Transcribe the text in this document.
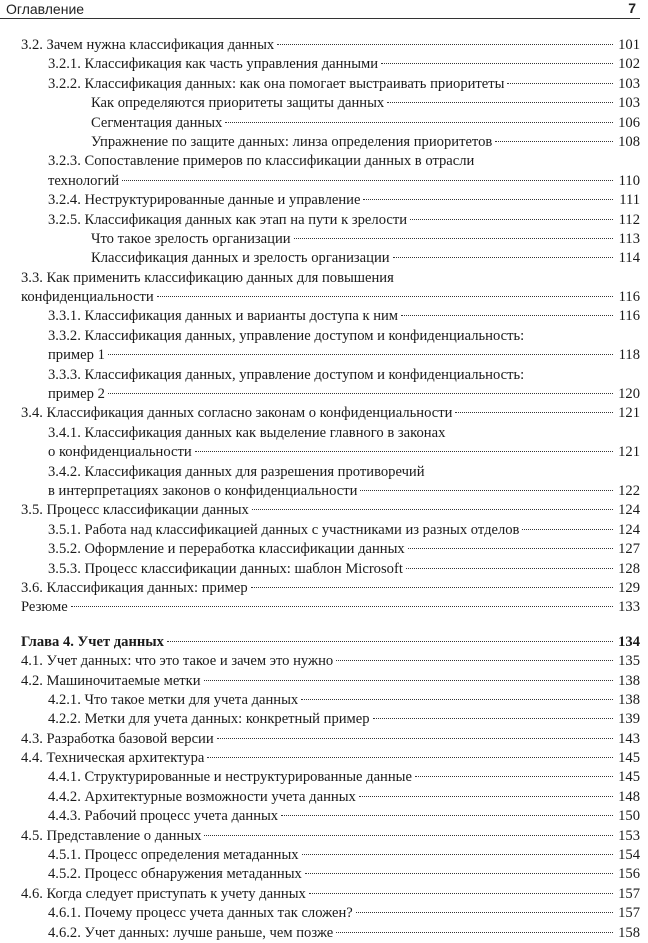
Оглавление	7
3.2. Зачем нужна классификация данных	101
3.2.1. Классификация как часть управления данными	102
3.2.2. Классификация данных: как она помогает выстраивать приоритеты	103
Как определяются приоритеты защиты данных	103
Сегментация данных	106
Упражнение по защите данных: линза определения приоритетов	108
3.2.3. Сопоставление примеров по классификации данных в отрасли
технологий	110
3.2.4. Неструктурированные данные и управление	111
3.2.5. Классификация данных как этап на пути к зрелости	112
Что такое зрелость организации	113
Классификация данных и зрелость организации	114
3.3. Как применить классификацию данных для повышения
конфиденциальности	116
3.3.1. Классификация данных и варианты доступа к ним	116
3.3.2. Классификация данных, управление доступом и конфиденциальность:
пример 1	118
3.3.3. Классификация данных, управление доступом и конфиденциальность:
пример 2	120
3.4. Классификация данных согласно законам о конфиденциальности	121
3.4.1. Классификация данных как выделение главного в законах
о конфиденциальности	121
3.4.2. Классификация данных для разрешения противоречий
в интерпретациях законов о конфиденциальности	122
3.5. Процесс классификации данных	124
3.5.1. Работа над классификацией данных с участниками из разных отделов	124
3.5.2. Оформление и переработка классификации данных	127
3.5.3. Процесс классификации данных: шаблон Microsoft	128
3.6. Классификация данных: пример	129
Резюме	133
Глава 4. Учет данных	134
4.1. Учет данных: что это такое и зачем это нужно	135
4.2. Машиночитаемые метки	138
4.2.1. Что такое метки для учета данных	138
4.2.2. Метки для учета данных: конкретный пример	139
4.3. Разработка базовой версии	143
4.4. Техническая архитектура	145
4.4.1. Структурированные и неструктурированные данные	145
4.4.2. Архитектурные возможности учета данных	148
4.4.3. Рабочий процесс учета данных	150
4.5. Представление о данных	153
4.5.1. Процесс определения метаданных	154
4.5.2. Процесс обнаружения метаданных	156
4.6. Когда следует приступать к учету данных	157
4.6.1. Почему процесс учета данных так сложен?	157
4.6.2. Учет данных: лучше раньше, чем позже	158
